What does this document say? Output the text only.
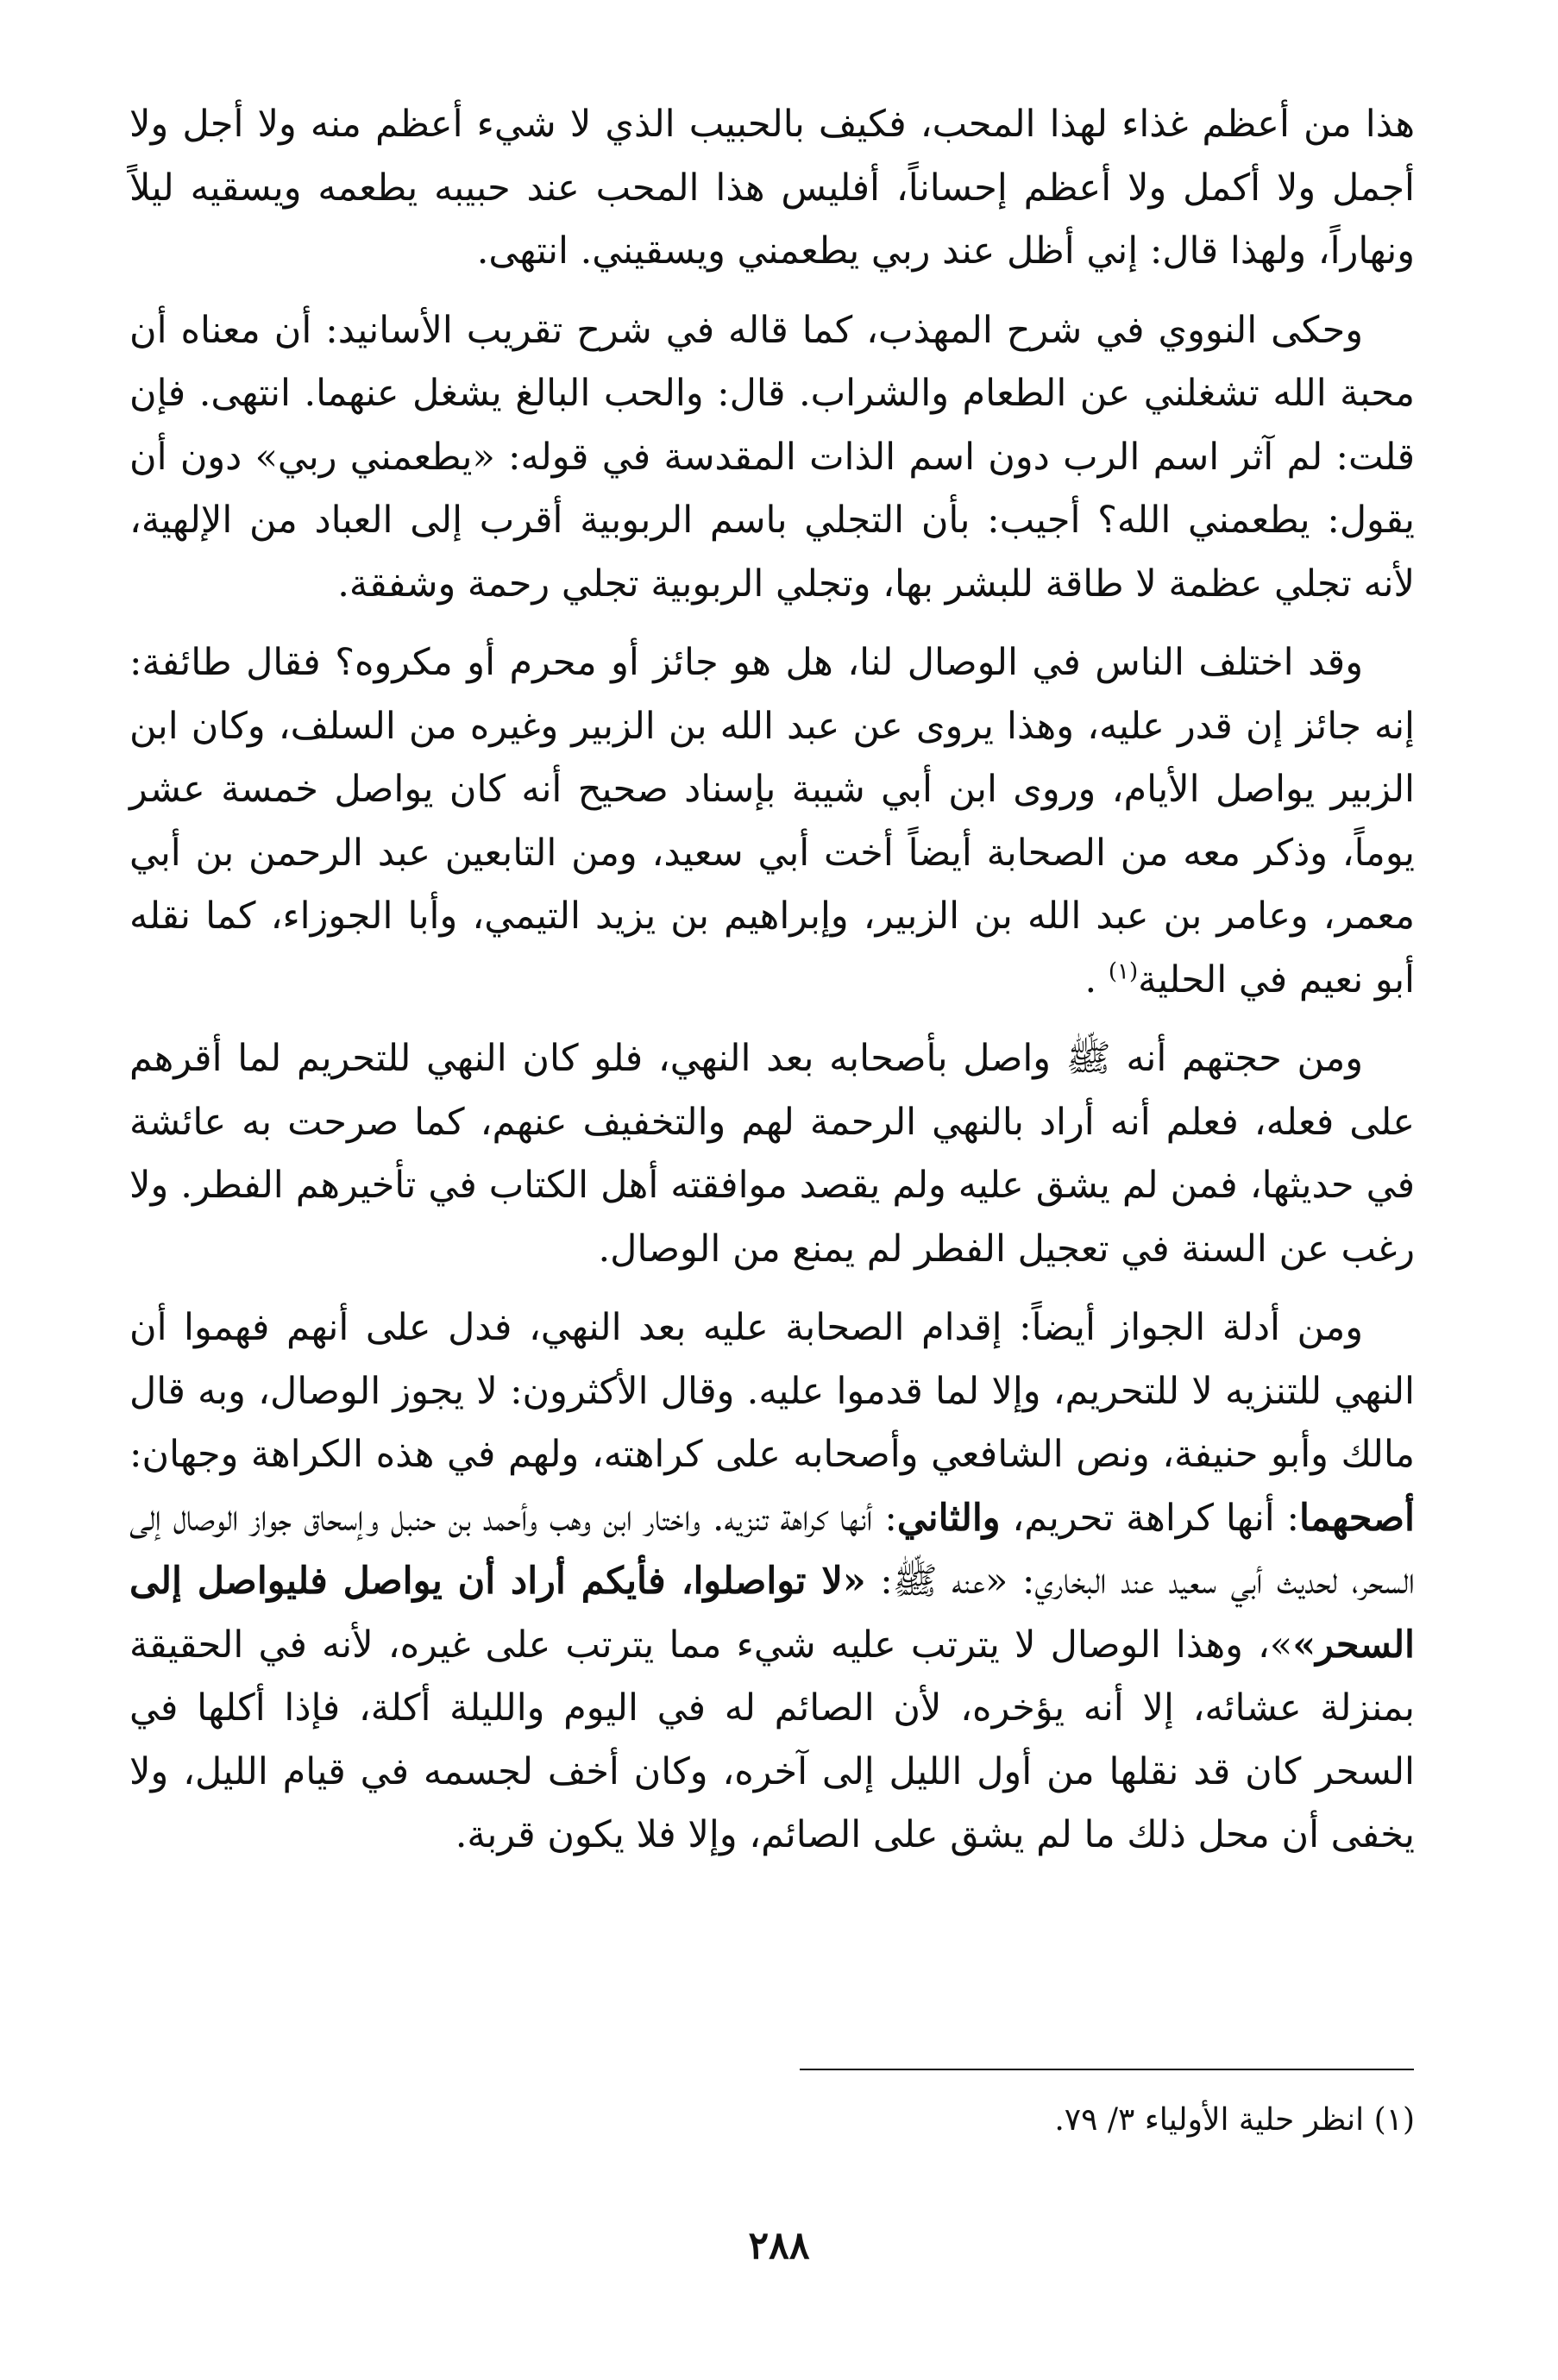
هذا من أعظم غذاء لهذا المحب، فكيف بالحبيب الذي لا شيء أعظم منه ولا أجل ولا أجمل ولا أكمل ولا أعظم إحساناً، أفليس هذا المحب عند حبيبه يطعمه ويسقيه ليلاً ونهاراً، ولهذا قال: إني أظل عند ربي يطعمني ويسقيني. انتهى.

وحكى النووي في شرح المهذب، كما قاله في شرح تقريب الأسانيد: أن معناه أن محبة الله تشغلني عن الطعام والشراب. قال: والحب البالغ يشغل عنهما. انتهى. فإن قلت: لم آثر اسم الرب دون اسم الذات المقدسة في قوله: «يطعمني ربي» دون أن يقول: يطعمني الله؟ أجيب: بأن التجلي باسم الربوبية أقرب إلى العباد من الإلهية، لأنه تجلي عظمة لا طاقة للبشر بها، وتجلي الربوبية تجلي رحمة وشفقة.

وقد اختلف الناس في الوصال لنا، هل هو جائز أو محرم أو مكروه؟ فقال طائفة: إنه جائز إن قدر عليه، وهذا يروى عن عبد الله بن الزبير وغيره من السلف، وكان ابن الزبير يواصل الأيام، وروى ابن أبي شيبة بإسناد صحيح أنه كان يواصل خمسة عشر يوماً، وذكر معه من الصحابة أيضاً أخت أبي سعيد، ومن التابعين عبد الرحمن بن أبي معمر، وعامر بن عبد الله بن الزبير، وإبراهيم بن يزيد التيمي، وأبا الجوزاء، كما نقله أبو نعيم في الحلية$^{(١)}$ .

ومن حجتهم أنه ﷺ واصل بأصحابه بعد النهي، فلو كان النهي للتحريم لما أقرهم على فعله، فعلم أنه أراد بالنهي الرحمة لهم والتخفيف عنهم، كما صرحت به عائشة في حديثها، فمن لم يشق عليه ولم يقصد موافقته أهل الكتاب في تأخيرهم الفطر. ولا رغب عن السنة في تعجيل الفطر لم يمنع من الوصال.

ومن أدلة الجواز أيضاً: إقدام الصحابة عليه بعد النهي، فدل على أنهم فهموا أن النهي للتنزيه لا للتحريم، وإلا لما قدموا عليه. وقال الأكثرون: لا يجوز الوصال، وبه قال مالك وأبو حنيفة، ونص الشافعي وأصحابه على كراهته، ولهم في هذه الكراهة وجهان: أصحهما: أنها كراهة تحريم، والثاني: أنها كراهة تنزيه. واختار ابن وهب وأحمد بن حنبل وإسحاق جواز الوصال إلى السحر، لحديث أبي سعيد عند البخاري: «عنه ﷺ: «لا تواصلوا، فأيكم أراد أن يواصل فليواصل إلى السحر»»، وهذا الوصال لا يترتب عليه شيء مما يترتب على غيره، لأنه في الحقيقة بمنزلة عشائه، إلا أنه يؤخره، لأن الصائم له في اليوم والليلة أكلة، فإذا أكلها في السحر كان قد نقلها من أول الليل إلى آخره، وكان أخف لجسمه في قيام الليل، ولا يخفى أن محل ذلك ما لم يشق على الصائم، وإلا فلا يكون قربة.

(١) انظر حلية الأولياء ٣/ ٧٩.
٢٨٨
